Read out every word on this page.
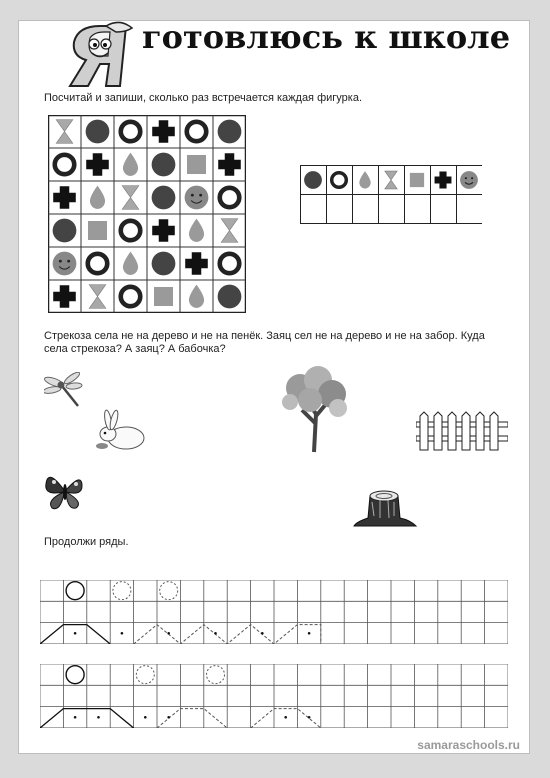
готовлюсь к школе
Посчитай и запиши, сколько раз встречается каждая фигурка.
Стрекоза села не на дерево и не на пенёк. Заяц сел не на дерево и не на забор. Куда
села стрекоза? А заяц? А бабочка?
Продолжи ряды.
samaraschools.ru
